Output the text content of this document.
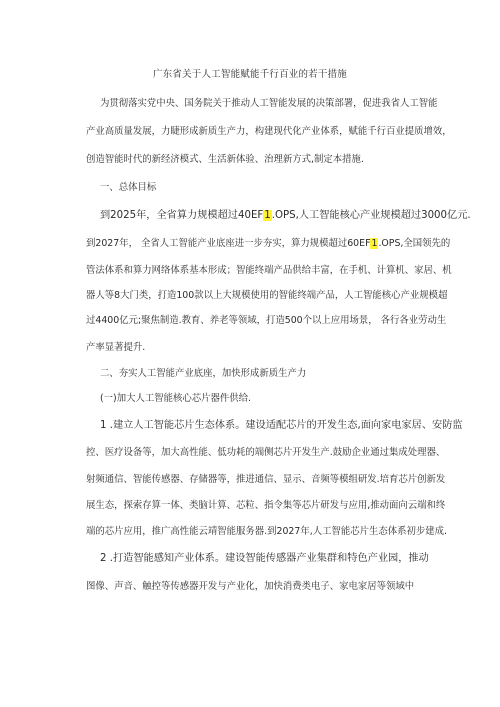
广东省关于人工智能赋能千行百业的若干措施
为贯彻落实党中央、国务院关于推动人工智能发展的决策部署，促进我省人工智能
产业高质量发展，力睫形成新质生产力，构建现代化产业体系，赋能千行百业提质增效，
创造智能时代的新经济模式、生活新体验、治理新方式,制定本措施.
一、总体目标
到2025年，全省算力规模超过40EF1.OPS,人工智能核心产业规模超过3000亿元.
到2027年， 全省人工智能产业底座进一步夯实，算力规模超过60EF1.OPS,全国领先的
管法体系和算力网络体系基本形成；智能终端产品供给丰富，在手机、计算机、家居、机
器人等8大门类，打造100款以上大规模使用的智能终端产品，人工智能核心产业规模超
过4400亿元;聚焦制造.教育、养老等领域，打造500个以上应用场景， 各行各业劳动生
产率显著提升.
二、夯实人工智能产业底座，加快形成新质生产力
(一)加大人工智能核心芯片器件供给.
1 .建立人工智能芯片生态体系。建设适配芯片的开发生态,面向家电家居、安防监
控、医疗设备等，加大高性能、低功耗的端侧芯片开发生产.鼓励企业通过集成处理器、
射频通信、智能传感器、存储器等，推进通信、显示、音频等模组研发.培育芯片创新发
展生态，探索存算一体、类脑计算、芯粒、指令集等芯片研发与应用,推动面向云端和终
端的芯片应用，推广高性能云靖智能服务器.到2027年,人工智能芯片生态体系初步建成.
2 .打造智能感知产业体系。建设智能传感器产业集群和特色产业园，推动
图像、声音、触控等传感器开发与产业化，加快消费类电子、家电家居等领域中
